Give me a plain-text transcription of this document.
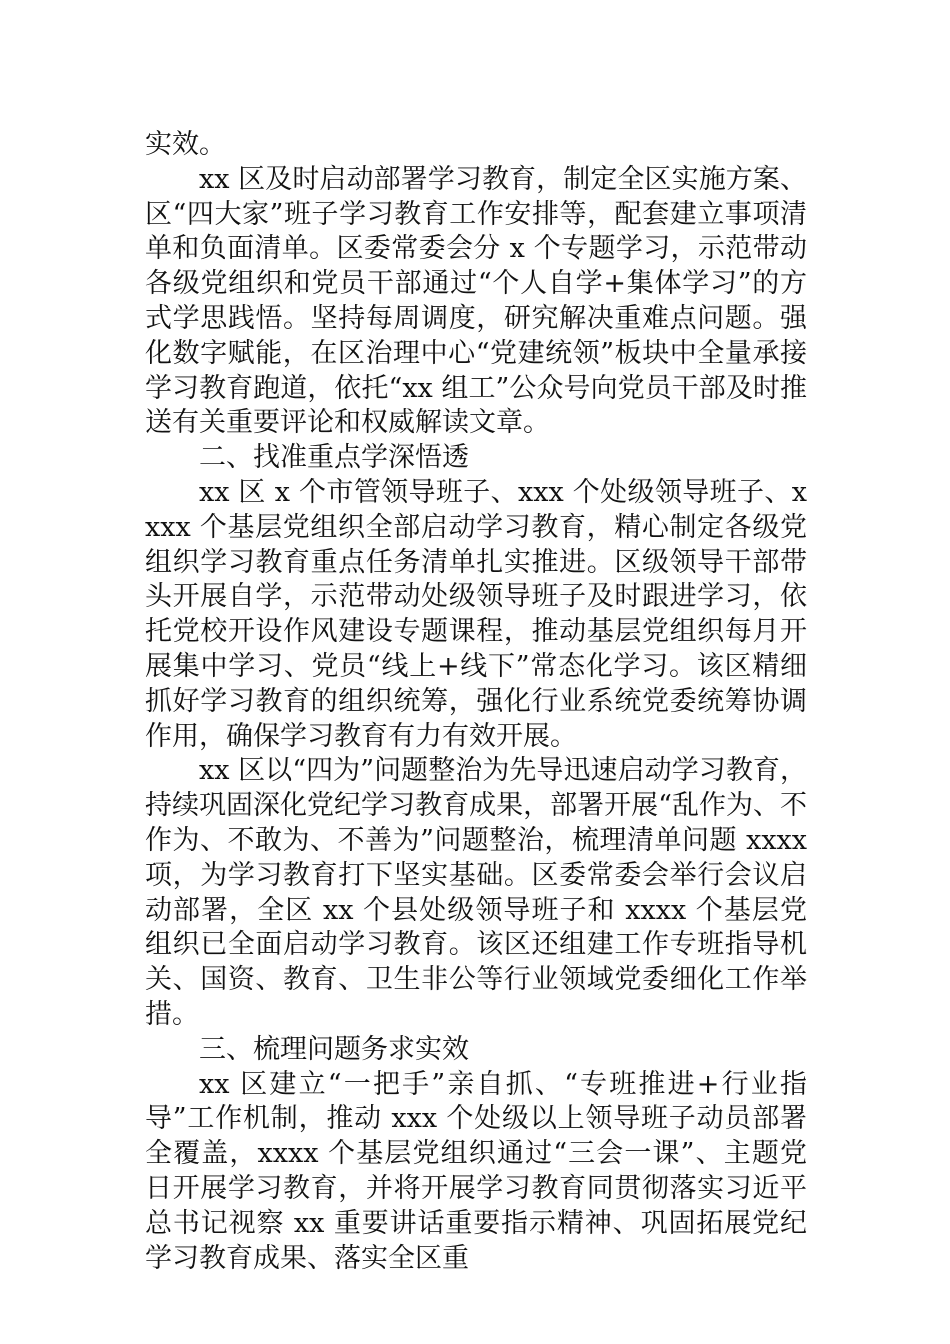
实效。

xx 区及时启动部署学习教育，制定全区实施方案、区“四大家”班子学习教育工作安排等，配套建立事项清单和负面清单。区委常委会分 x 个专题学习，示范带动各级党组织和党员干部通过“个人自学+集体学习”的方式学思践悟。坚持每周调度，研究解决重难点问题。强化数字赋能，在区治理中心“党建统领”板块中全量承接学习教育跑道，依托“xx 组工”公众号向党员干部及时推送有关重要评论和权威解读文章。

二、找准重点学深悟透

xx 区 x 个市管领导班子、xxx 个处级领导班子、xxxx 个基层党组织全部启动学习教育，精心制定各级党组织学习教育重点任务清单扎实推进。区级领导干部带头开展自学，示范带动处级领导班子及时跟进学习，依托党校开设作风建设专题课程，推动基层党组织每月开展集中学习、党员“线上+线下”常态化学习。该区精细抓好学习教育的组织统筹，强化行业系统党委统筹协调作用，确保学习教育有力有效开展。

xx 区以“四为”问题整治为先导迅速启动学习教育，持续巩固深化党纪学习教育成果，部署开展“乱作为、不作为、不敢为、不善为”问题整治，梳理清单问题 xxxx 项，为学习教育打下坚实基础。区委常委会举行会议启动部署，全区 xx 个县处级领导班子和 xxxx 个基层党组织已全面启动学习教育。该区还组建工作专班指导机关、国资、教育、卫生非公等行业领域党委细化工作举措。

三、梳理问题务求实效

xx 区建立“一把手”亲自抓、“专班推进+行业指导”工作机制，推动 xxx 个处级以上领导班子动员部署全覆盖，xxxx 个基层党组织通过“三会一课”、主题党日开展学习教育，并将开展学习教育同贯彻落实习近平总书记视察 xx 重要讲话重要指示精神、巩固拓展党纪学习教育成果、落实全区重
